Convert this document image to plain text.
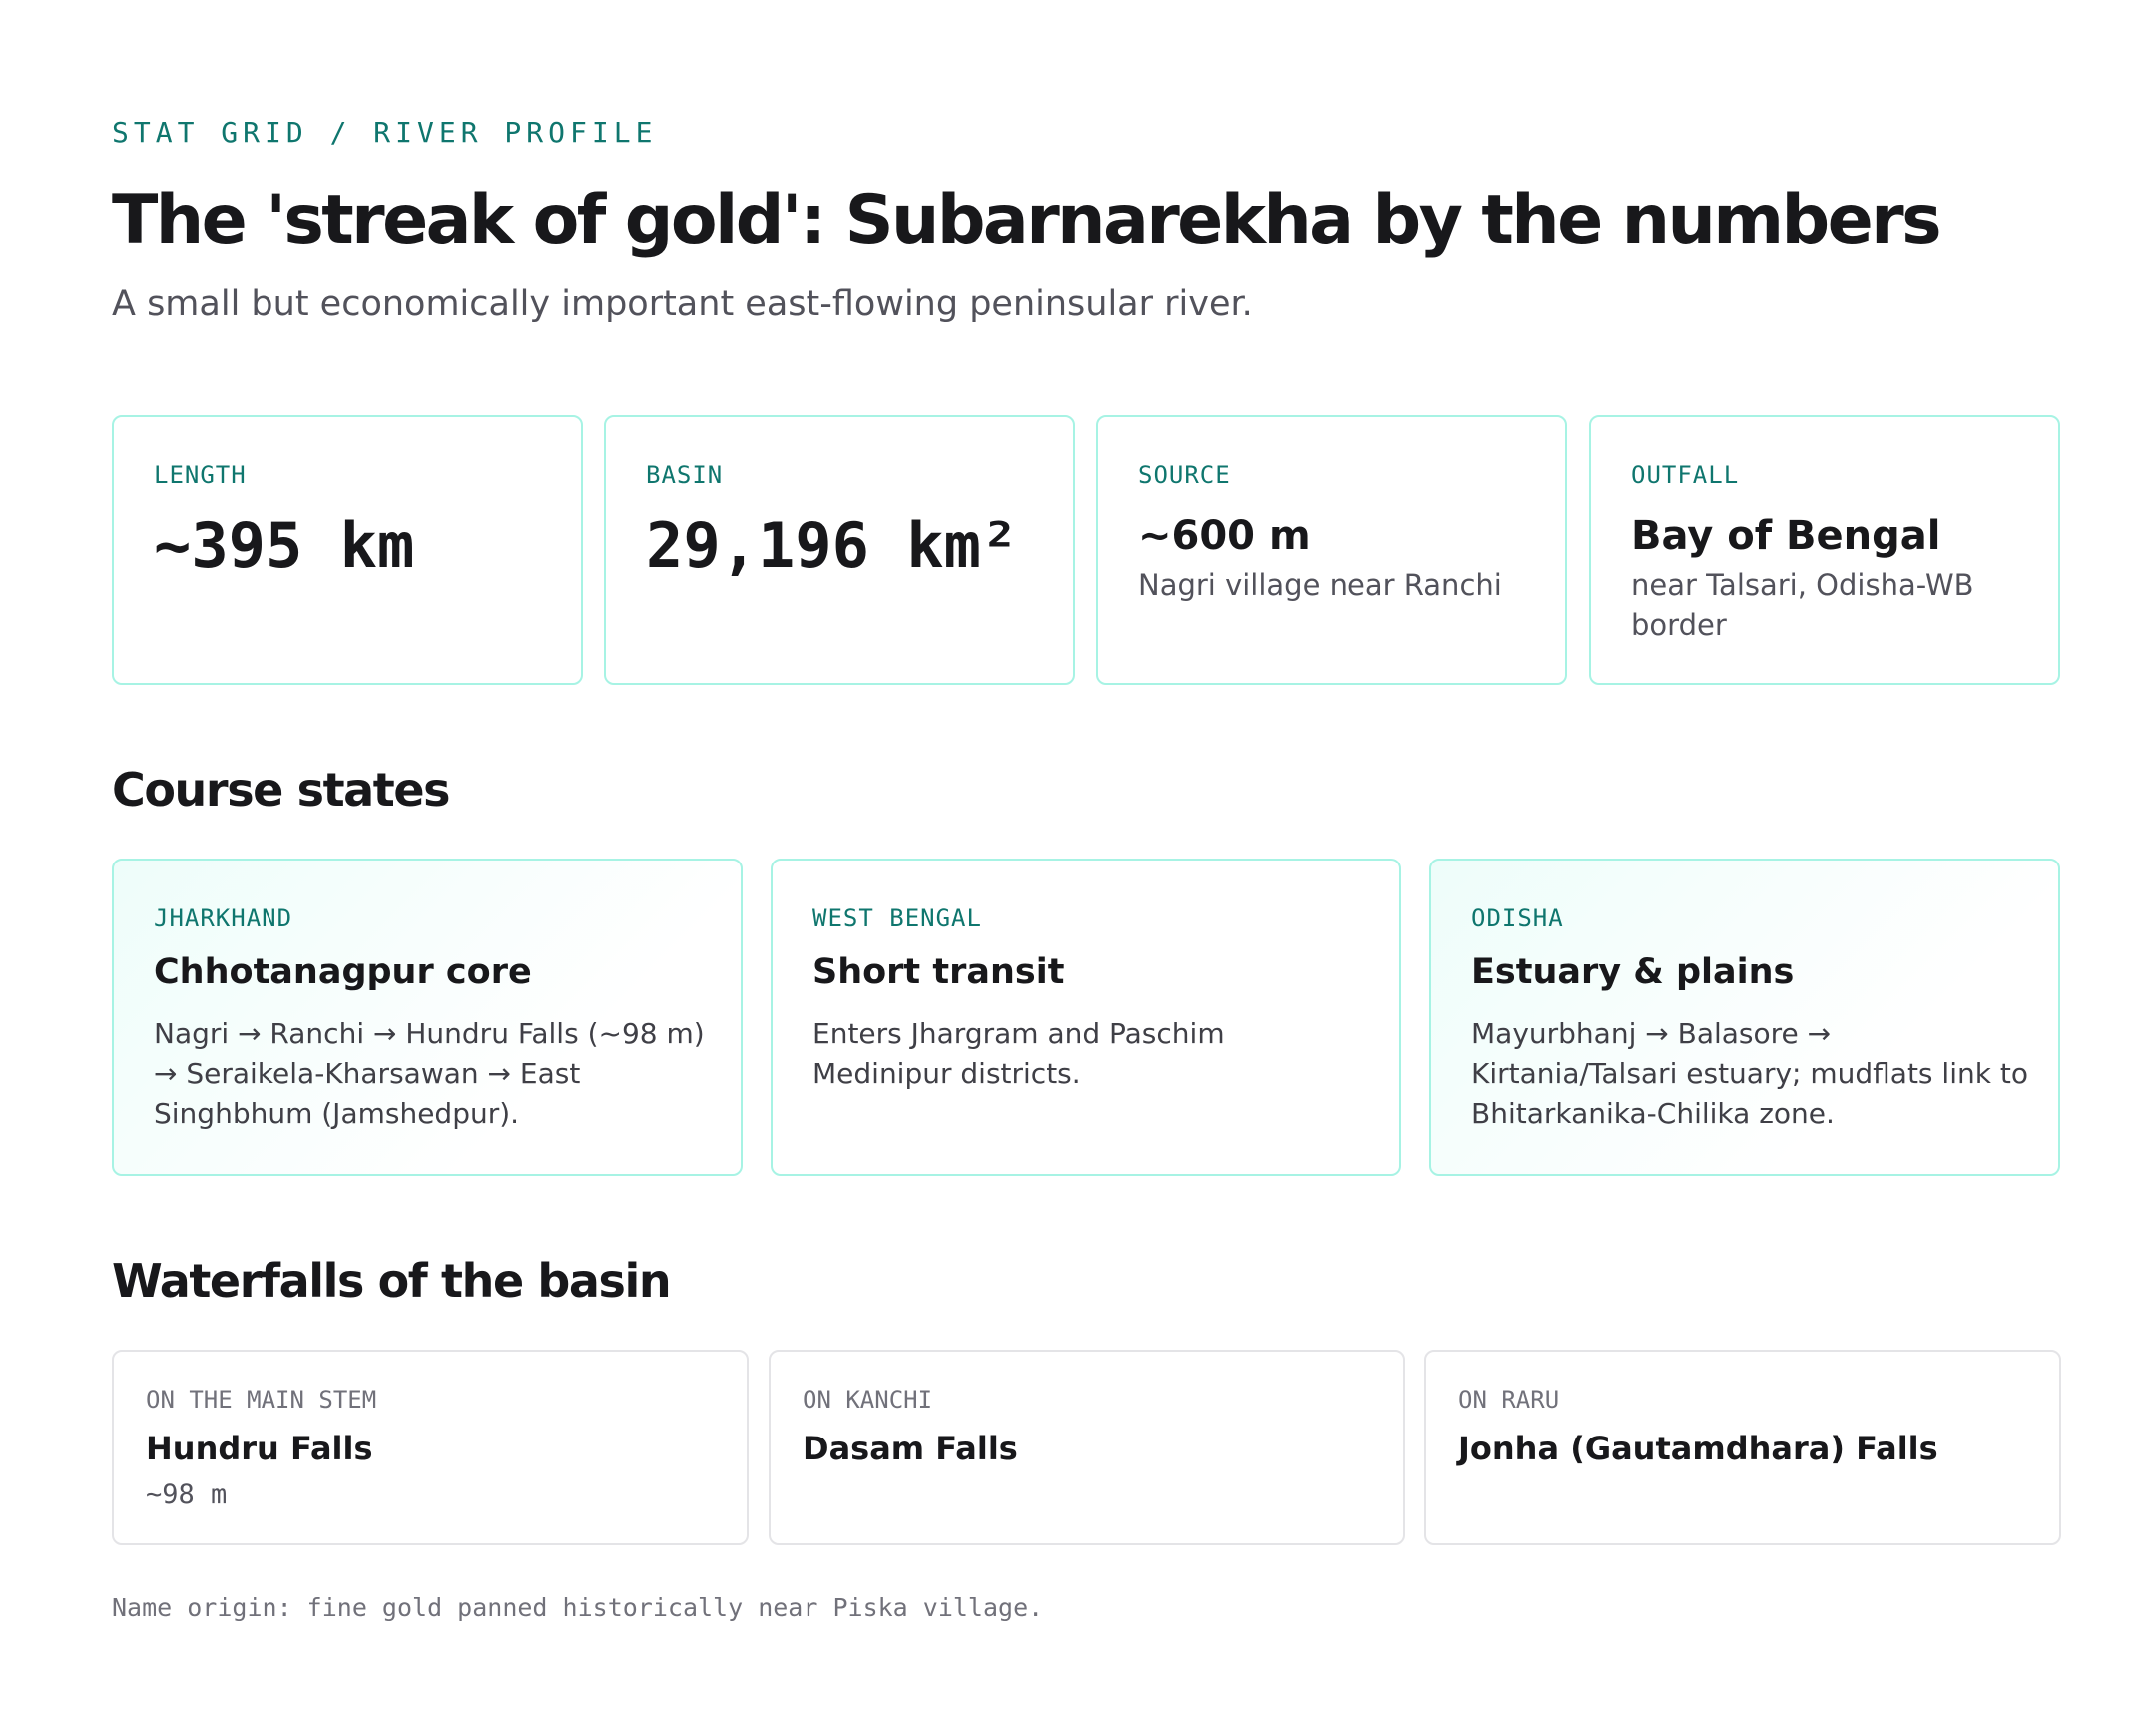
STAT GRID / RIVER PROFILE
The 'streak of gold': Subarnarekha by the numbers
A small but economically important east-flowing peninsular river.
LENGTH
~395 km
BASIN
29,196 km²
SOURCE
~600 m
Nagri village near Ranchi
OUTFALL
Bay of Bengal
near Talsari, Odisha-WB border
Course states
JHARKHAND
Chhotanagpur core
Nagri → Ranchi → Hundru Falls (~98 m) → Seraikela-Kharsawan → East Singhbhum (Jamshedpur).
WEST BENGAL
Short transit
Enters Jhargram and Paschim Medinipur districts.
ODISHA
Estuary & plains
Mayurbhanj → Balasore → Kirtania/Talsari estuary; mudflats link to Bhitarkanika-Chilika zone.
Waterfalls of the basin
ON THE MAIN STEM
Hundru Falls
~98 m
ON KANCHI
Dasam Falls
ON RARU
Jonha (Gautamdhara) Falls
Name origin: fine gold panned historically near Piska village.
